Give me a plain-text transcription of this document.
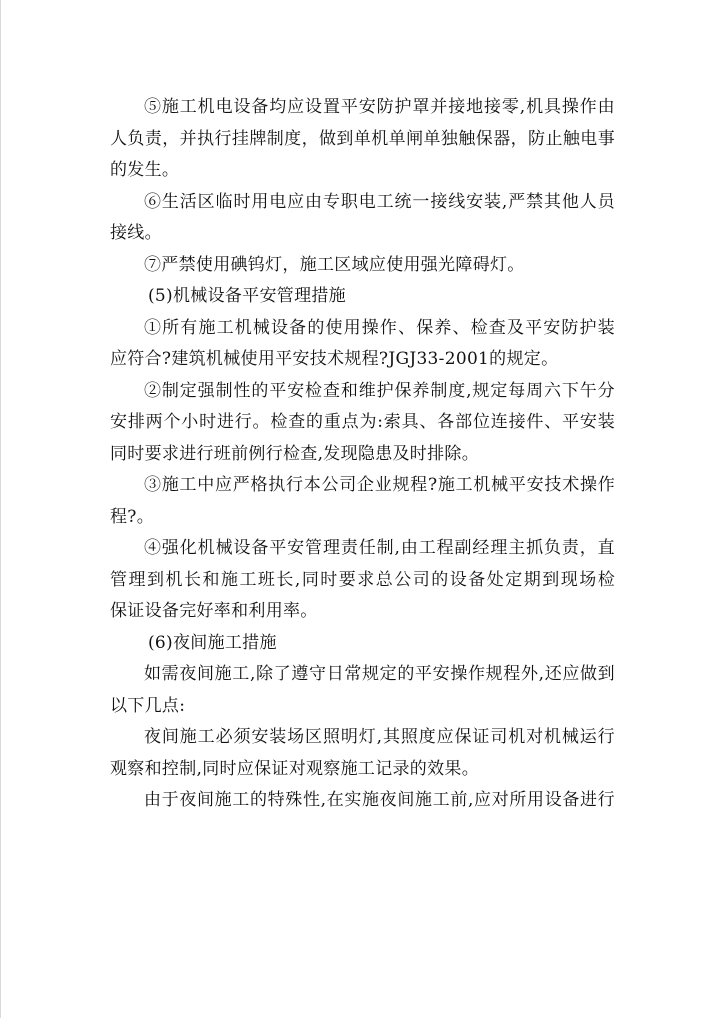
⑤施工机电设备均应设置平安防护罩并接地接零,机具操作由
人负责，并执行挂牌制度，做到单机单闸单独触保器，防止触电事
的发生。
⑥生活区临时用电应由专职电工统一接线安装,严禁其他人员
接线。
⑦严禁使用碘钨灯，施工区域应使用强光障碍灯。
(5)机械设备平安管理措施
①所有施工机械设备的使用操作、保养、检查及平安防护装
应符合?建筑机械使用平安技术规程?JGJ33-2001的规定。
②制定强制性的平安检查和维护保养制度,规定每周六下午分
安排两个小时进行。检查的重点为:索具、各部位连接件、平安装
同时要求进行班前例行检查,发现隐患及时排除。
③施工中应严格执行本公司企业规程?施工机械平安技术操作
程?。
④强化机械设备平安管理责任制,由工程副经理主抓负责，直
管理到机长和施工班长,同时要求总公司的设备处定期到现场检
保证设备完好率和利用率。
(6)夜间施工措施
如需夜间施工,除了遵守日常规定的平安操作规程外,还应做到
以下几点:
夜间施工必须安装场区照明灯,其照度应保证司机对机械运行
观察和控制,同时应保证对观察施工记录的效果。
由于夜间施工的特殊性,在实施夜间施工前,应对所用设备进行
